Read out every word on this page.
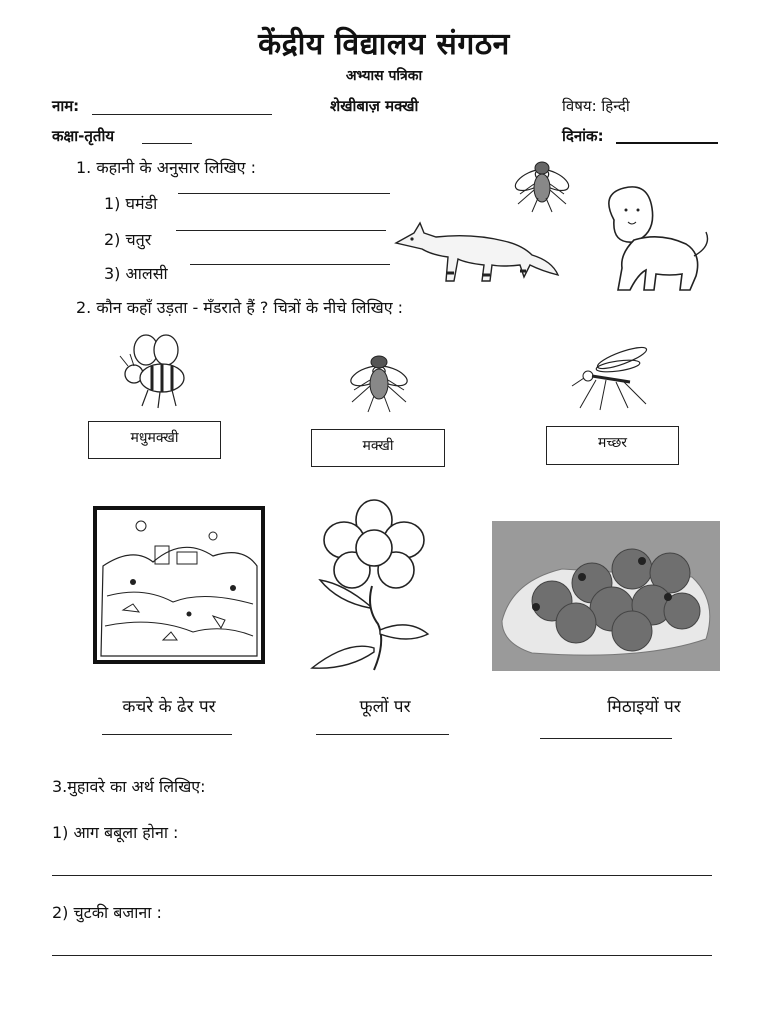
केंद्रीय विद्यालय संगठन
अभ्यास पत्रिका
नाम:	शेखीबाज़ मक्खी	विषय: हिन्दी
कक्षा-तृतीय	दिनांक:
1. कहानी के अनुसार लिखिए :
1) घमंडी
2) चतुर
3) आलसी
2. कौन कहाँ उड़ता - मँडराते हैं ? चित्रों के नीचे लिखिए :
मधुमक्खी	मक्खी	मच्छर
कचरे के ढेर पर	फूलों पर	मिठाइयों पर
3.मुहावरे का अर्थ लिखिए:
1) आग बबूला होना :
2) चुटकी बजाना :
